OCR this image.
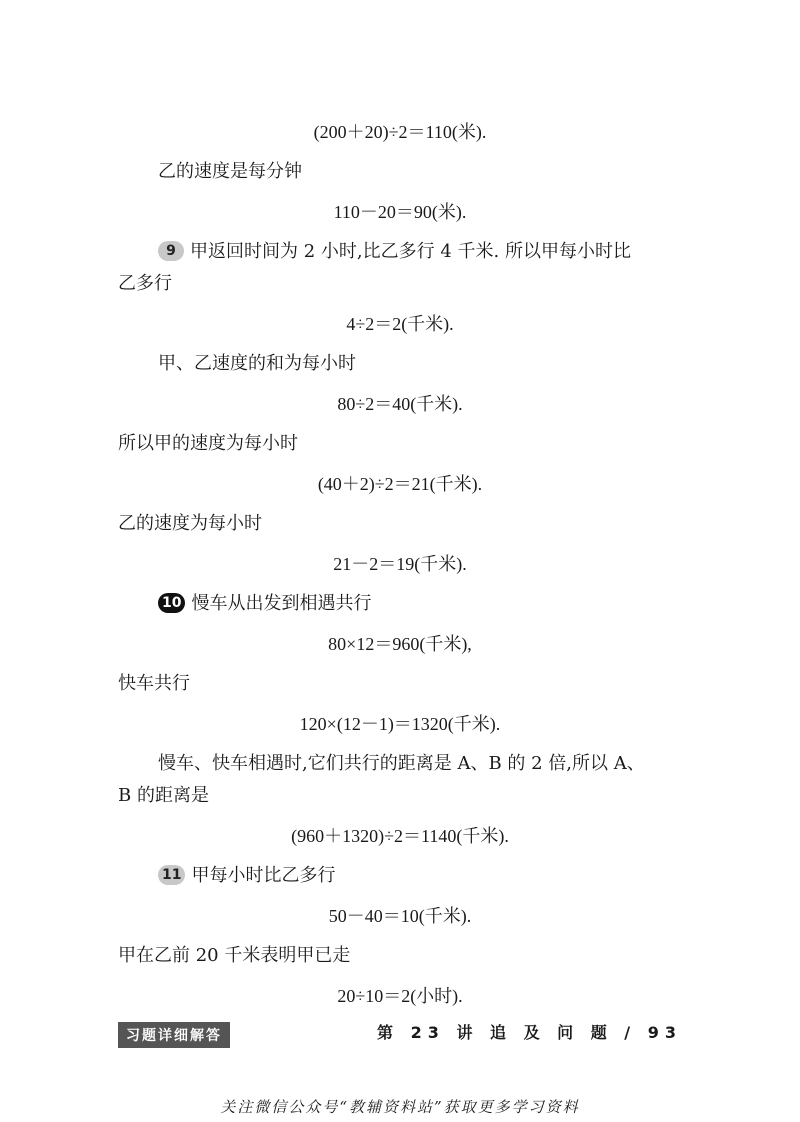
(200＋20)÷2＝110(米).
乙的速度是每分钟
110－20＝90(米).
9 甲返回时间为 2 小时,比乙多行 4 千米. 所以甲每小时比
乙多行
4÷2＝2(千米).
甲、乙速度的和为每小时
80÷2＝40(千米).
所以甲的速度为每小时
(40＋2)÷2＝21(千米).
乙的速度为每小时
21－2＝19(千米).
10 慢车从出发到相遇共行
80×12＝960(千米),
快车共行
120×(12－1)＝1320(千米).
慢车、快车相遇时,它们共行的距离是 A、B 的 2 倍,所以 A、
B 的距离是
(960＋1320)÷2＝1140(千米).
11 甲每小时比乙多行
50－40＝10(千米).
甲在乙前 20 千米表明甲已走
20÷10＝2(小时).
习题详细解答	第 23 讲 追 及 问 题 / 93
关注微信公众号“教辅资料站”获取更多学习资料
